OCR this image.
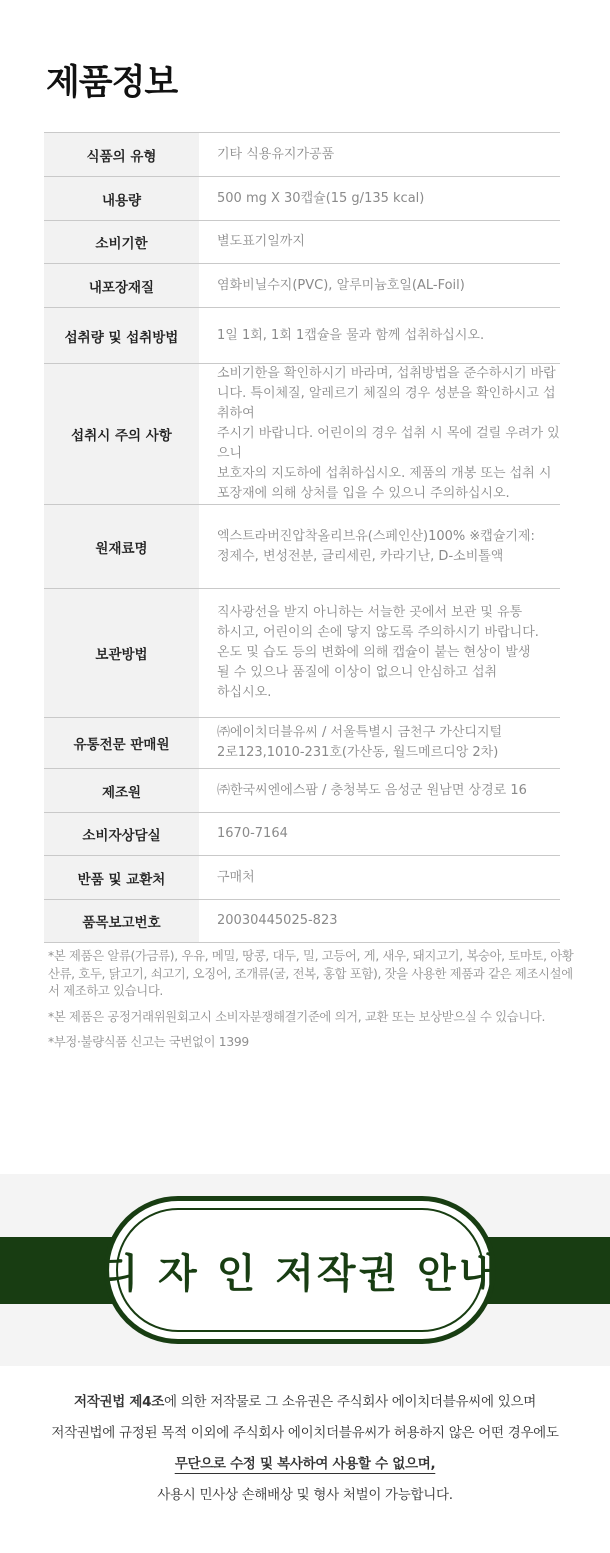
제품정보
식품의 유형	기타 식용유지가공품

내용량	500 mg X 30캡슐(15 g/135 kcal)

소비기한	별도표기일까지

내포장재질	염화비닐수지(PVC), 알루미늄호일(AL-Foil)

섭취량 및 섭취방법	1일 1회, 1회 1캡슐을 물과 함께 섭취하십시오.

섭취시 주의 사항	소비기한을 확인하시기 바라며, 섭취방법을 준수하시기 바랍
니다. 특이체질, 알레르기 체질의 경우 성분을 확인하시고 섭취하여
주시기 바랍니다. 어린이의 경우 섭취 시 목에 걸릴 우려가 있으니
보호자의 지도하에 섭취하십시오. 제품의 개봉 또는 섭취 시
포장재에 의해 상처를 입을 수 있으니 주의하십시오.

원재료명	엑스트라버진압착올리브유(스페인산)100% ※캡슐기제:
정제수, 변성전분, 글리세린, 카라기난, D-소비톨액

보관방법	직사광선을 받지 아니하는 서늘한 곳에서 보관 및 유통
하시고, 어린이의 손에 닿지 않도록 주의하시기 바랍니다.
온도 및 습도 등의 변화에 의해 캡슐이 붙는 현상이 발생
될 수 있으나 품질에 이상이 없으니 안심하고 섭취
하십시오.

유통전문 판매원	㈜에이치더블유씨 / 서울특별시 금천구 가산디지털
2로123,1010-231호(가산동, 월드메르디앙 2차)

제조원	㈜한국씨엔에스팜 / 충청북도 음성군 원남면 상경로 16

소비자상담실	1670-7164

반품 및 교환처	구매처

품목보고번호	20030445025-823

*본 제품은 알류(가금류), 우유, 메밀, 땅콩, 대두, 밀, 고등어, 게, 새우, 돼지고기, 복숭아, 토마토, 아황산류, 호두, 닭고기, 쇠고기, 오징어, 조개류(굴, 전복, 홍합 포함), 잣을 사용한 제품과 같은 제조시설에서 제조하고 있습니다.

*본 제품은 공정거래위원회고시 소비자분쟁해결기준에 의거, 교환 또는 보상받으실 수 있습니다.

*부정·불량식품 신고는 국번없이 1399

디 자 인 저작권 안내

저작권법 제4조에 의한 저작물로 그 소유권은 주식회사 에이치더블유씨에 있으며

저작권법에 규정된 목적 이외에 주식회사 에이치더블유씨가 허용하지 않은 어떤 경우에도

무단으로 수정 및 복사하여 사용할 수 없으며,

사용시 민사상 손해배상 및 형사 처벌이 가능합니다.
